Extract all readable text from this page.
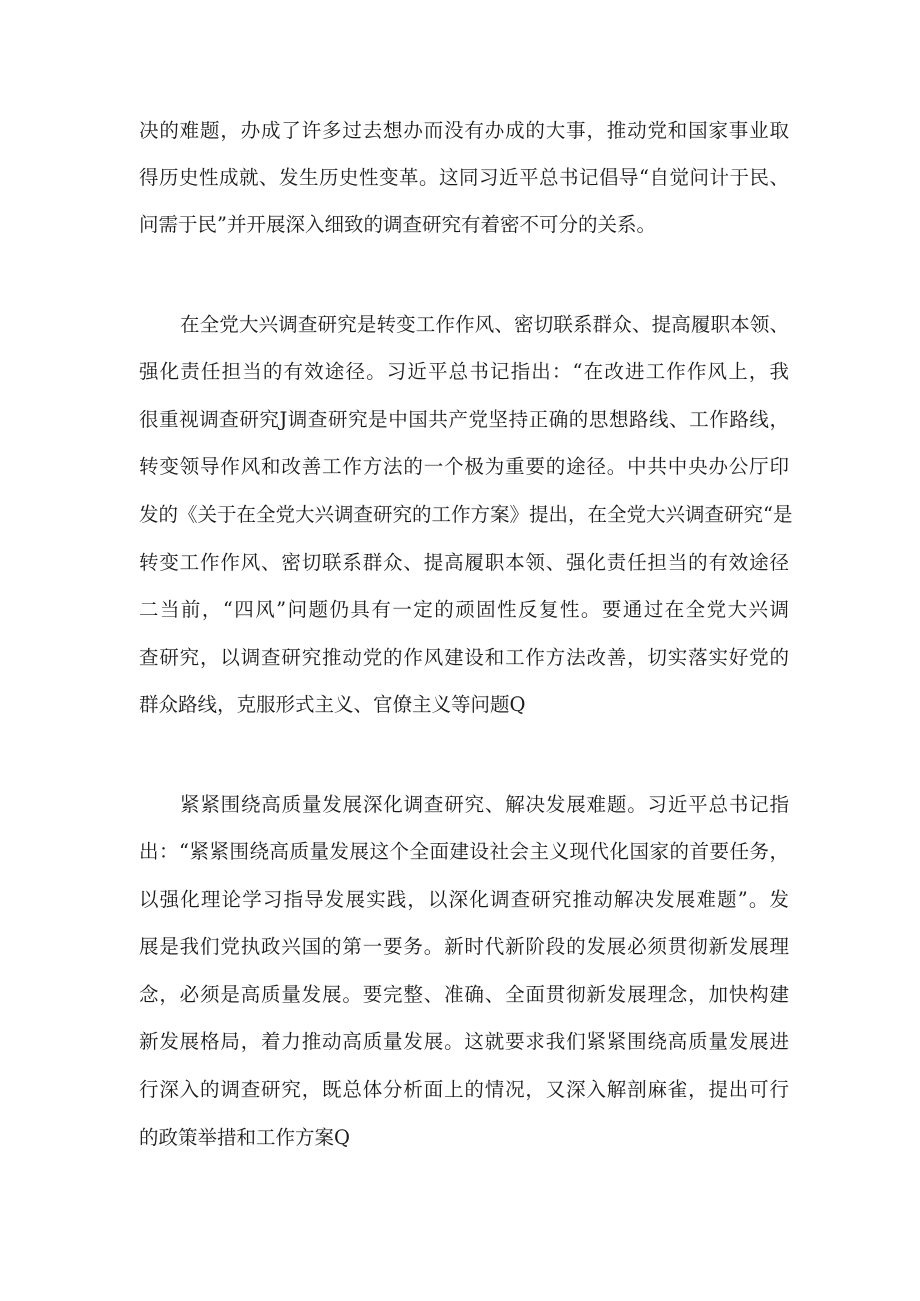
决的难题，办成了许多过去想办而没有办成的大事，推动党和国家事业取
得历史性成就、发生历史性变革。这同习近平总书记倡导“自觉问计于民、
问需于民”并开展深入细致的调查研究有着密不可分的关系。
在全党大兴调查研究是转变工作作风、密切联系群众、提高履职本领、
强化责任担当的有效途径。习近平总书记指出：“在改进工作作风上，我
很重视调查研究J调查研究是中国共产党坚持正确的思想路线、工作路线，
转变领导作风和改善工作方法的一个极为重要的途径。中共中央办公厅印
发的《关于在全党大兴调查研究的工作方案》提出，在全党大兴调查研究“是
转变工作作风、密切联系群众、提高履职本领、强化责任担当的有效途径
二当前，“四风”问题仍具有一定的顽固性反复性。要通过在全党大兴调
查研究，以调查研究推动党的作风建设和工作方法改善，切实落实好党的
群众路线，克服形式主义、官僚主义等问题Q
紧紧围绕高质量发展深化调查研究、解决发展难题。习近平总书记指
出：“紧紧围绕高质量发展这个全面建设社会主义现代化国家的首要任务，
以强化理论学习指导发展实践，以深化调查研究推动解决发展难题”。发
展是我们党执政兴国的第一要务。新时代新阶段的发展必须贯彻新发展理
念，必须是高质量发展。要完整、准确、全面贯彻新发展理念，加快构建
新发展格局，着力推动高质量发展。这就要求我们紧紧围绕高质量发展进
行深入的调查研究，既总体分析面上的情况，又深入解剖麻雀，提出可行
的政策举措和工作方案Q
